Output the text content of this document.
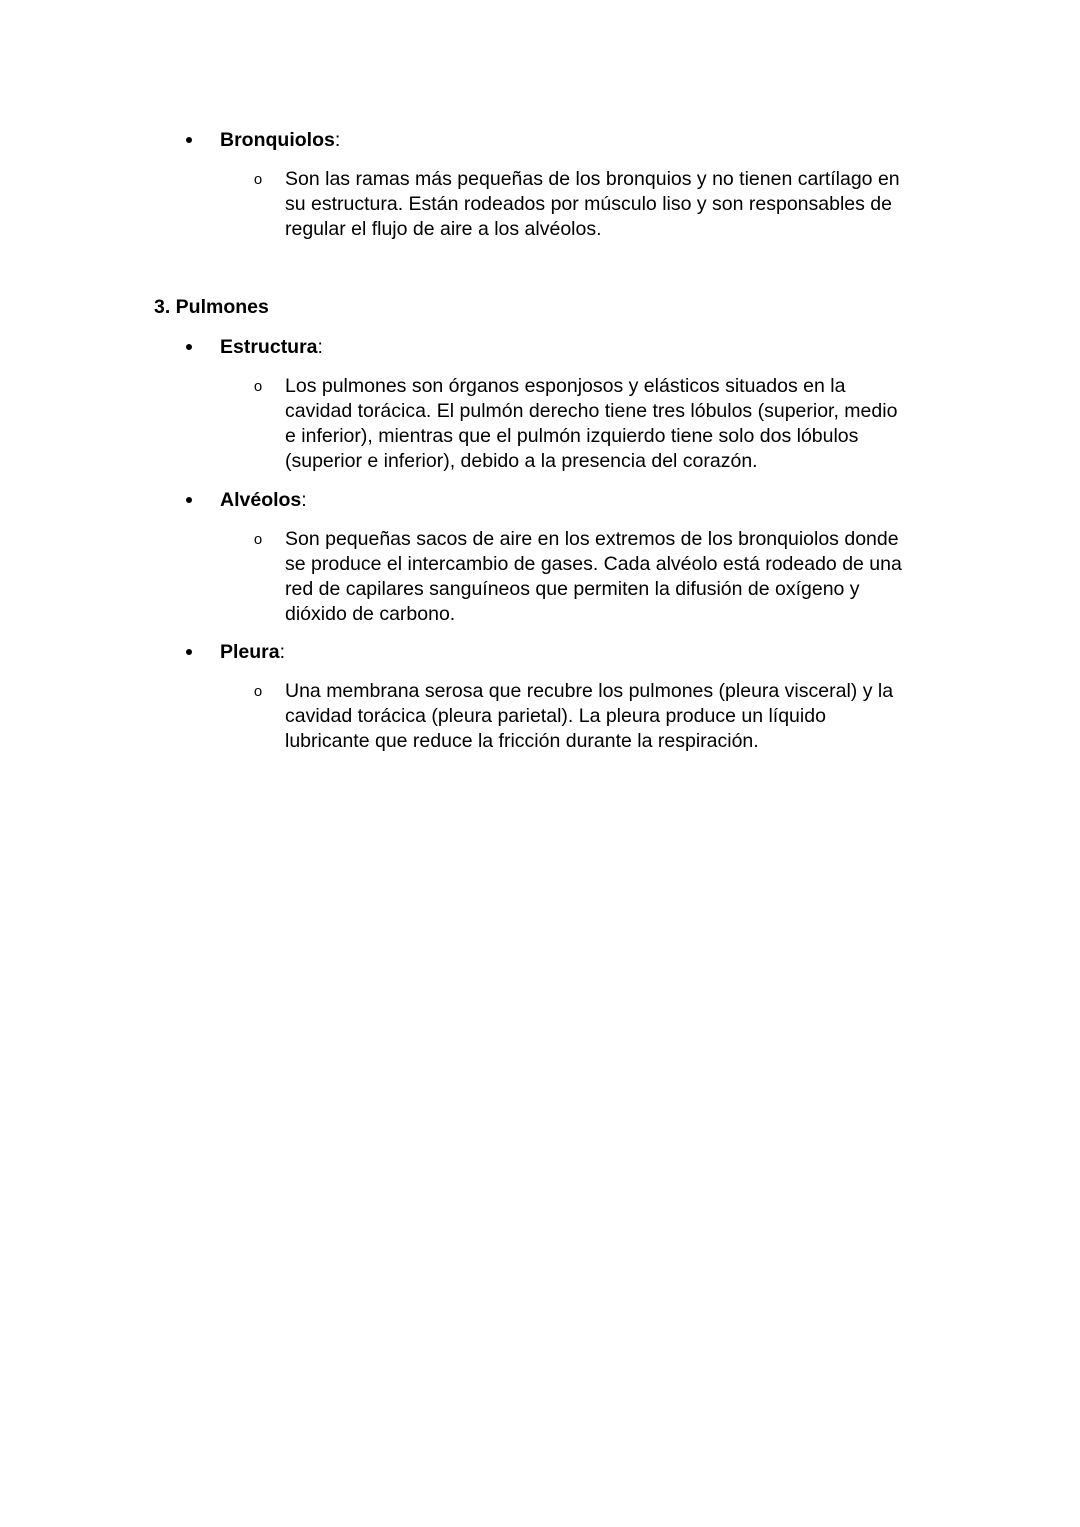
Bronquiolos:
o Son las ramas más pequeñas de los bronquios y no tienen cartílago en
su estructura. Están rodeados por músculo liso y son responsables de
regular el flujo de aire a los alvéolos.
3. Pulmones
Estructura:
o Los pulmones son órganos esponjosos y elásticos situados en la
cavidad torácica. El pulmón derecho tiene tres lóbulos (superior, medio
e inferior), mientras que el pulmón izquierdo tiene solo dos lóbulos
(superior e inferior), debido a la presencia del corazón.
Alvéolos:
o Son pequeñas sacos de aire en los extremos de los bronquiolos donde
se produce el intercambio de gases. Cada alvéolo está rodeado de una
red de capilares sanguíneos que permiten la difusión de oxígeno y
dióxido de carbono.
Pleura:
o Una membrana serosa que recubre los pulmones (pleura visceral) y la
cavidad torácica (pleura parietal). La pleura produce un líquido
lubricante que reduce la fricción durante la respiración.
